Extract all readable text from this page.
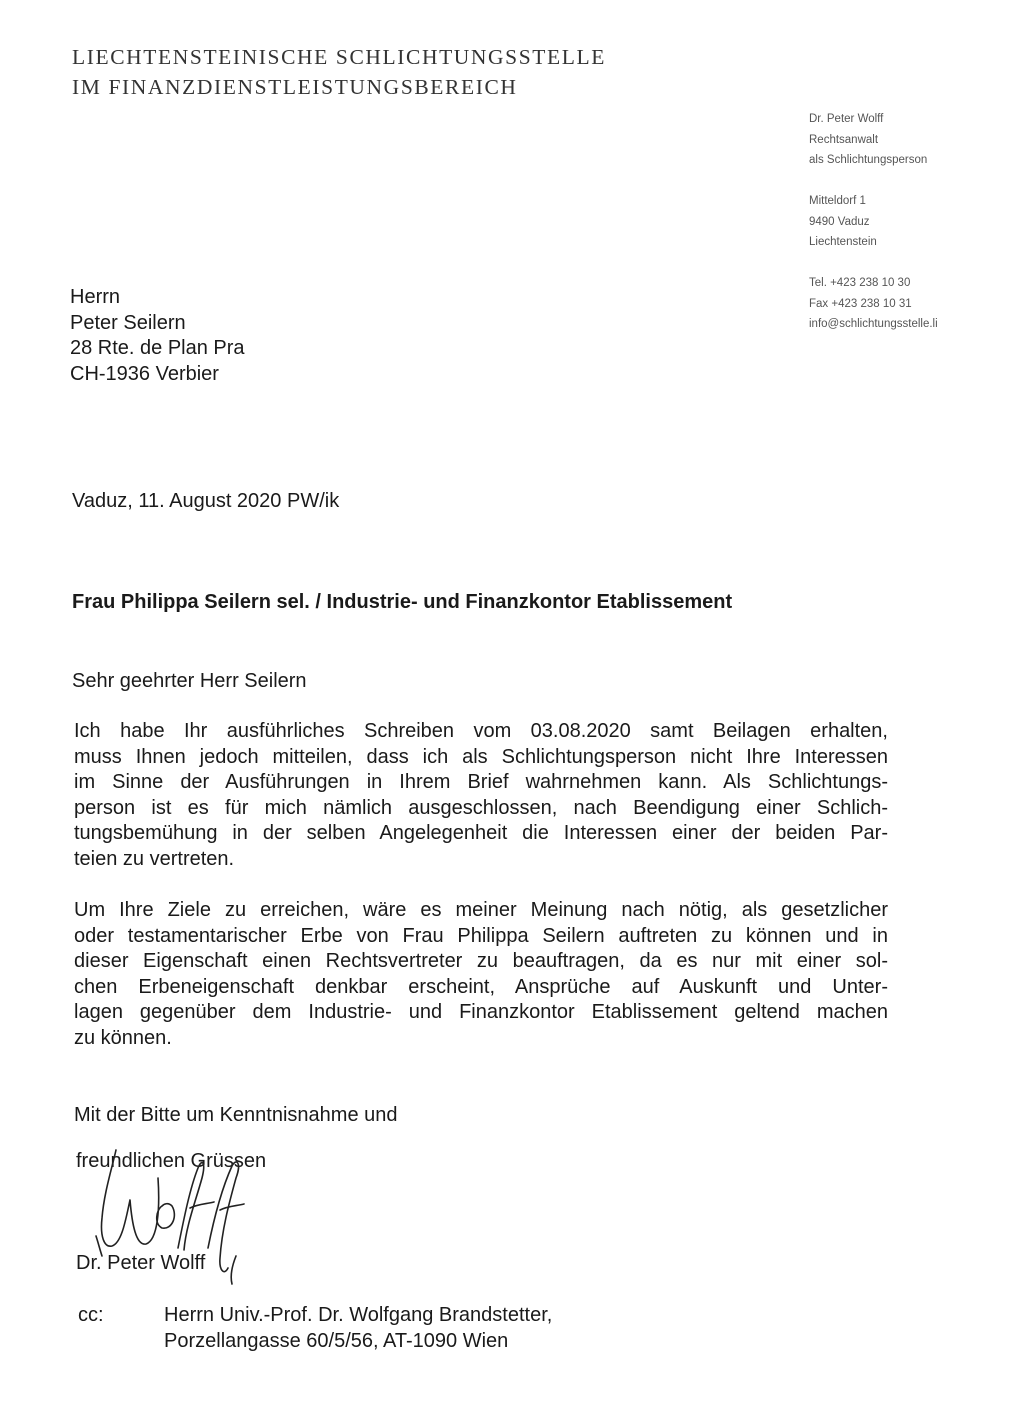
LIECHTENSTEINISCHE SCHLICHTUNGSSTELLE
IM FINANZDIENSTLEISTUNGSBEREICH
Dr. Peter Wolff
Rechtsanwalt
als Schlichtungsperson
Mitteldorf 1
9490 Vaduz
Liechtenstein
Tel. +423 238 10 30
Fax +423 238 10 31
info@schlichtungsstelle.li
Herrn
Peter Seilern
28 Rte. de Plan Pra
CH-1936 Verbier
Vaduz, 11. August 2020 PW/ik
Frau Philippa Seilern sel. / Industrie- und Finanzkontor Etablissement
Sehr geehrter Herr Seilern
Ich habe Ihr ausführliches Schreiben vom 03.08.2020 samt Beilagen erhalten,
muss Ihnen jedoch mitteilen, dass ich als Schlichtungsperson nicht Ihre Interessen
im Sinne der Ausführungen in Ihrem Brief wahrnehmen kann. Als Schlichtungs-
person ist es für mich nämlich ausgeschlossen, nach Beendigung einer Schlich-
tungsbemühung in der selben Angelegenheit die Interessen einer der beiden Par-
teien zu vertreten.
Um Ihre Ziele zu erreichen, wäre es meiner Meinung nach nötig, als gesetzlicher
oder testamentarischer Erbe von Frau Philippa Seilern auftreten zu können und in
dieser Eigenschaft einen Rechtsvertreter zu beauftragen, da es nur mit einer sol-
chen Erbeneigenschaft denkbar erscheint, Ansprüche auf Auskunft und Unter-
lagen gegenüber dem Industrie- und Finanzkontor Etablissement geltend machen
zu können.
Mit der Bitte um Kenntnisnahme und
freundlichen Grüssen
Dr. Peter Wolff
cc:	Herrn Univ.-Prof. Dr. Wolfgang Brandstetter,
Porzellangasse 60/5/56, AT-1090 Wien
